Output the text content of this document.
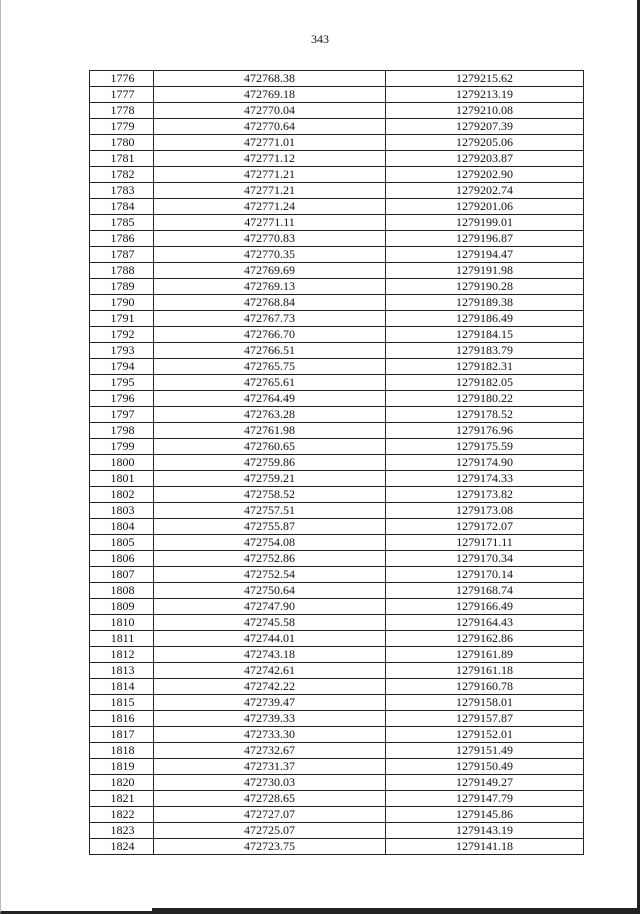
343
1776	472768.38	1279215.62
1777	472769.18	1279213.19
1778	472770.04	1279210.08
1779	472770.64	1279207.39
1780	472771.01	1279205.06
1781	472771.12	1279203.87
1782	472771.21	1279202.90
1783	472771.21	1279202.74
1784	472771.24	1279201.06
1785	472771.11	1279199.01
1786	472770.83	1279196.87
1787	472770.35	1279194.47
1788	472769.69	1279191.98
1789	472769.13	1279190.28
1790	472768.84	1279189.38
1791	472767.73	1279186.49
1792	472766.70	1279184.15
1793	472766.51	1279183.79
1794	472765.75	1279182.31
1795	472765.61	1279182.05
1796	472764.49	1279180.22
1797	472763.28	1279178.52
1798	472761.98	1279176.96
1799	472760.65	1279175.59
1800	472759.86	1279174.90
1801	472759.21	1279174.33
1802	472758.52	1279173.82
1803	472757.51	1279173.08
1804	472755.87	1279172.07
1805	472754.08	1279171.11
1806	472752.86	1279170.34
1807	472752.54	1279170.14
1808	472750.64	1279168.74
1809	472747.90	1279166.49
1810	472745.58	1279164.43
1811	472744.01	1279162.86
1812	472743.18	1279161.89
1813	472742.61	1279161.18
1814	472742.22	1279160.78
1815	472739.47	1279158.01
1816	472739.33	1279157.87
1817	472733.30	1279152.01
1818	472732.67	1279151.49
1819	472731.37	1279150.49
1820	472730.03	1279149.27
1821	472728.65	1279147.79
1822	472727.07	1279145.86
1823	472725.07	1279143.19
1824	472723.75	1279141.18
